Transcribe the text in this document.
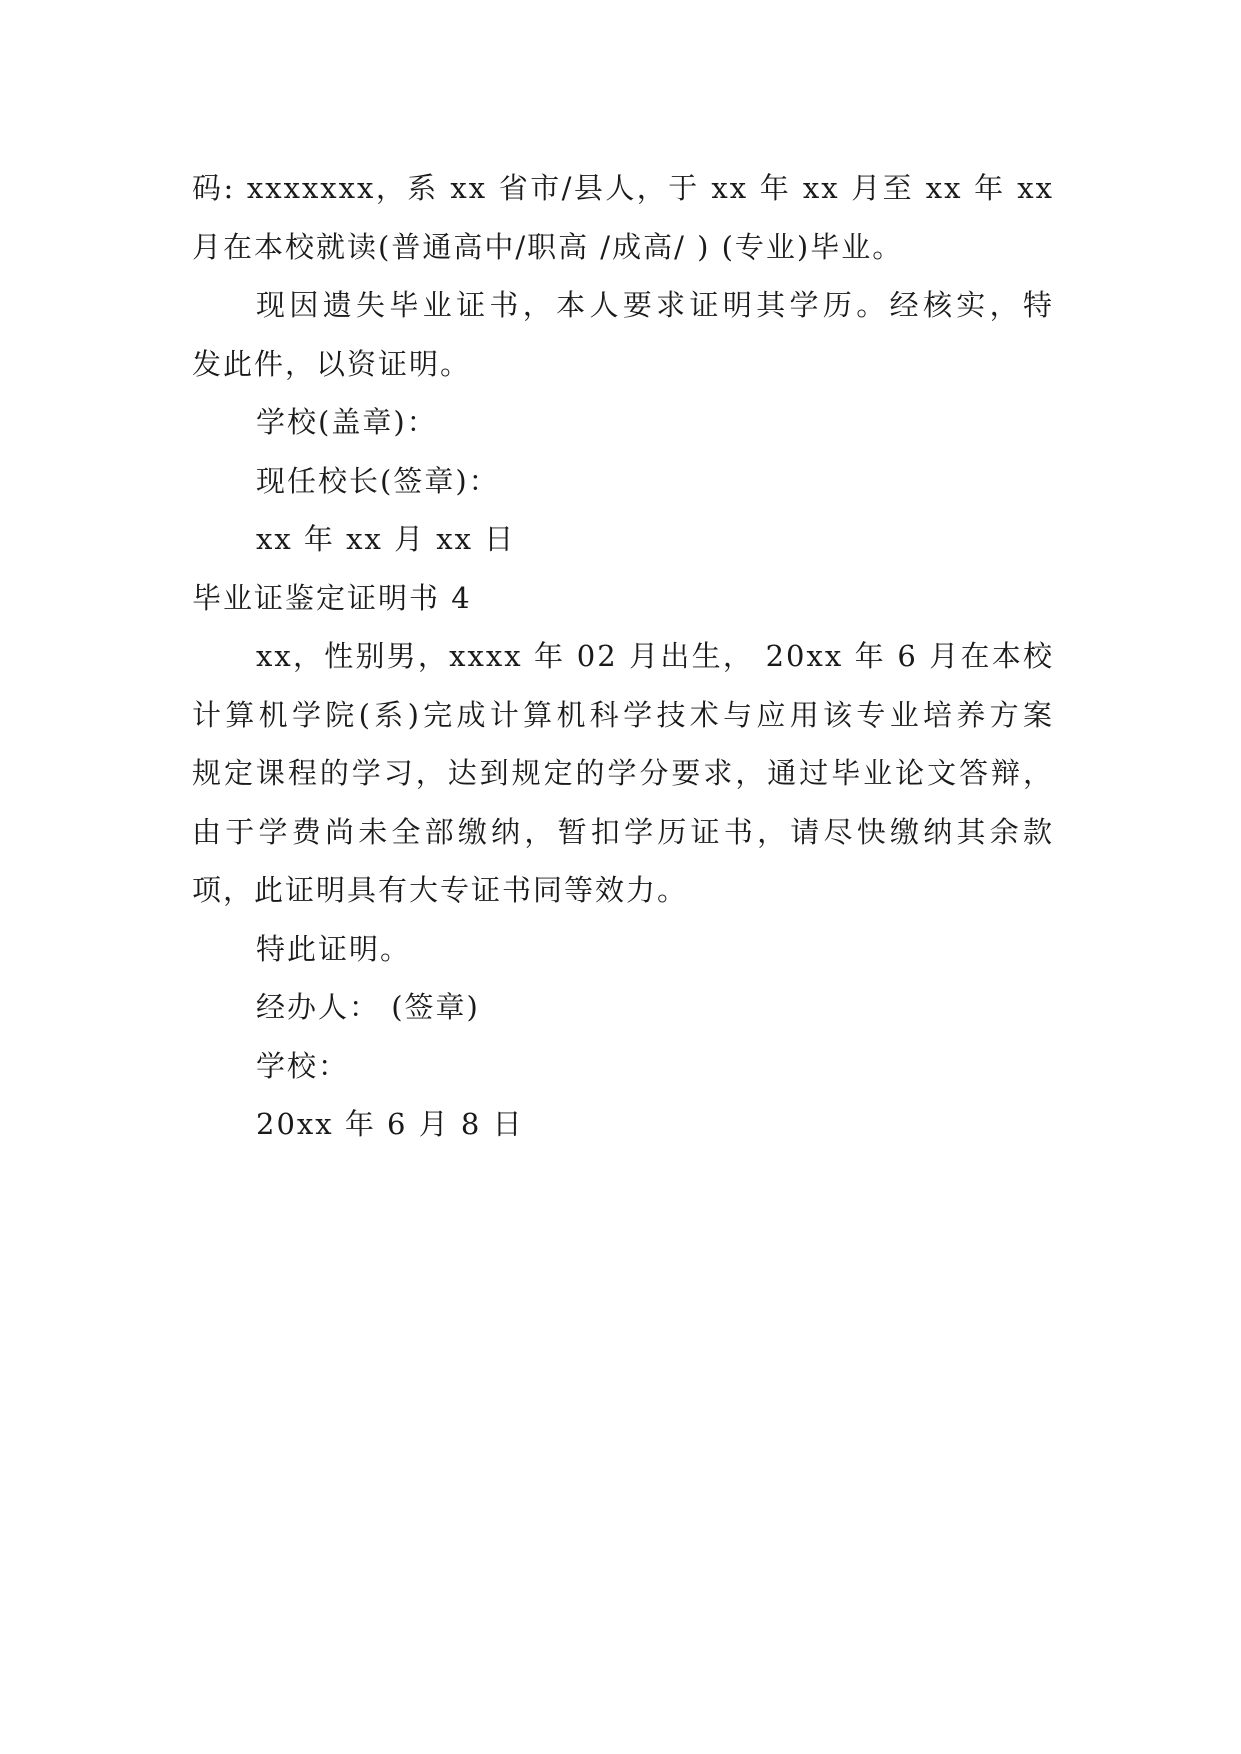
码: xxxxxxx，系 xx 省市/县人，于 xx 年 xx 月至 xx 年 xx
月在本校就读(普通高中/职高 /成高/ ) (专业)毕业。
现因遗失毕业证书，本人要求证明其学历。经核实，特
发此件，以资证明。
学校(盖章)：
现任校长(签章)：
xx 年 xx 月 xx 日
毕业证鉴定证明书 4
xx，性别男，xxxx 年 02 月出生， 20xx 年 6 月在本校
计算机学院(系)完成计算机科学技术与应用该专业培养方案
规定课程的学习，达到规定的学分要求，通过毕业论文答辩，
由于学费尚未全部缴纳，暂扣学历证书，请尽快缴纳其余款
项，此证明具有大专证书同等效力。
特此证明。
经办人： (签章)
学校：
20xx 年 6 月 8 日
